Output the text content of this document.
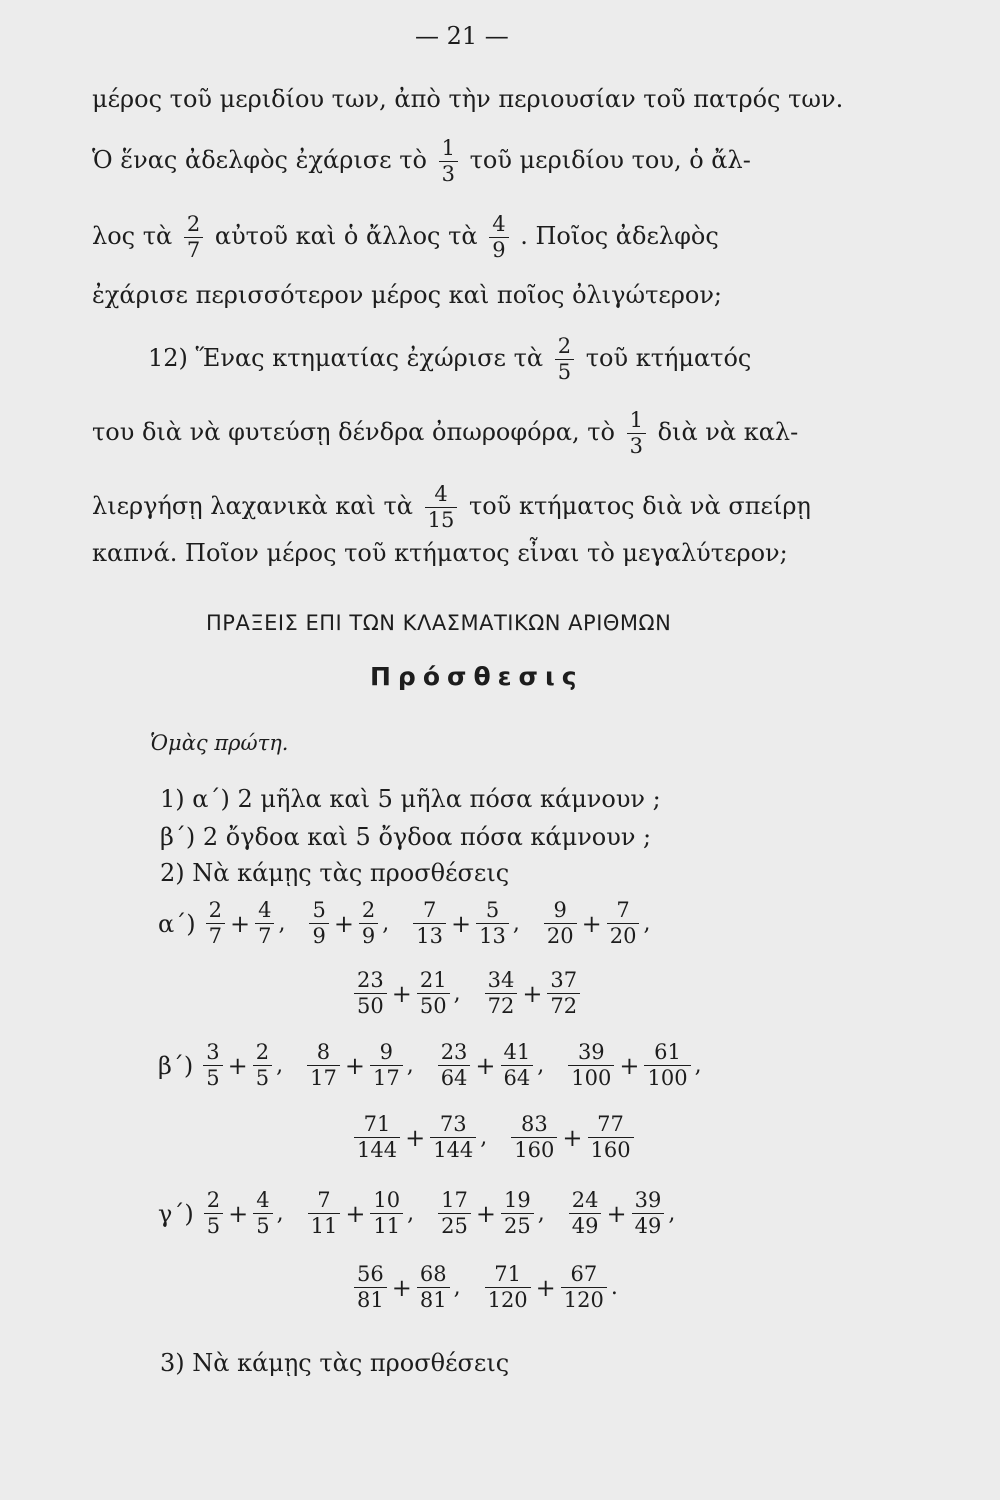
— 21 —
μέρος τοῦ μεριδίου των, ἀπὸ τὴν περιουσίαν τοῦ πατρός των.
Ὁ ἕνας ἀδελφὸς ἐχάρισε τὸ $\frac{1}{3}$ τοῦ μεριδίου του, ὁ ἄλ-
λος τὰ $\frac{2}{7}$ αὐτοῦ καὶ ὁ ἄλλος τὰ $\frac{4}{9}$ . Ποῖος ἀδελφὸς
ἐχάρισε περισσότερον μέρος καὶ ποῖος ὀλιγώτερον;
12) Ἕνας κτηματίας ἐχώρισε τὰ $\frac{2}{5}$ τοῦ κτήματός
του διὰ νὰ φυτεύσῃ δένδρα ὀπωροφόρα, τὸ $\frac{1}{3}$ διὰ νὰ καλ-
λιεργήσῃ λαχανικὰ καὶ τὰ $\frac{4}{15}$ τοῦ κτήματος διὰ νὰ σπείρῃ
καπνά. Ποῖον μέρος τοῦ κτήματος εἶναι τὸ μεγαλύτερον;
ΠΡΑΞΕΙΣ ΕΠΙ ΤΩΝ ΚΛΑΣΜΑΤΙΚΩΝ ΑΡΙΘΜΩΝ
Πρόσθεσις
Ὁμὰς πρώτη.
1) α΄) 2 μῆλα καὶ 5 μῆλα πόσα κάμνουν ;
β΄) 2 ὄγδοα καὶ 5 ὄγδοα πόσα κάμνουν ;
2) Νὰ κάμῃς τὰς προσθέσεις
$\alpha΄) \frac{2}{7} + \frac{4}{7}$ , $\frac{5}{9} + \frac{2}{9}$ , $\frac{7}{13} + \frac{5}{13}$ , $\frac{9}{20} + \frac{7}{20}$ ,
$\frac{23}{50} + \frac{21}{50}$ , $\frac{34}{72} + \frac{37}{72}$
$\beta΄) \frac{3}{5} + \frac{2}{5}$ , $\frac{8}{17} + \frac{9}{17}$ , $\frac{23}{64} + \frac{41}{64}$ , $\frac{39}{100} + \frac{61}{100}$ ,
$\frac{71}{144} + \frac{73}{144}$ , $\frac{83}{160} + \frac{77}{160}$
$\gamma΄) \frac{2}{5} + \frac{4}{5}$ , $\frac{7}{11} + \frac{10}{11}$ , $\frac{17}{25} + \frac{19}{25}$ , $\frac{24}{49} + \frac{39}{49}$ ,
$\frac{56}{81} + \frac{68}{81}$ , $\frac{71}{120} + \frac{67}{120}$ .
3) Νὰ κάμῃς τὰς προσθέσεις
